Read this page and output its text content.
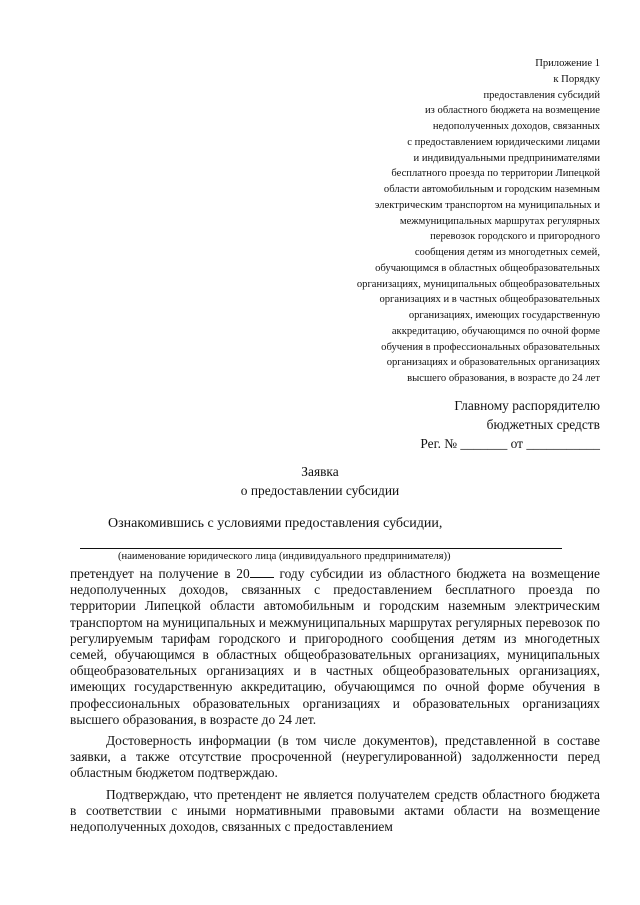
Приложение 1
к Порядку
предоставления субсидий
из областного бюджета на возмещение
недополученных доходов, связанных
с предоставлением юридическими лицами
и индивидуальными предпринимателями
бесплатного проезда по территории Липецкой
области автомобильным и городским наземным
электрическим транспортом на муниципальных и
межмуниципальных маршрутах регулярных
перевозок городского и пригородного
сообщения детям из многодетных семей,
обучающимся в областных общеобразовательных
организациях, муниципальных общеобразовательных
организациях и в частных общеобразовательных
организациях, имеющих государственную
аккредитацию, обучающимся по очной форме
обучения в профессиональных образовательных
организациях и образовательных организациях
высшего образования, в возрасте до 24 лет
Главному распорядителю
бюджетных средств
Рег. № _______ от ___________
Заявка
о предоставлении субсидии
Ознакомившись с условиями предоставления субсидии,
(наименование юридического лица (индивидуального предпринимателя))

претендует на получение в 20 году субсидии из областного бюджета на возмещение недополученных доходов, связанных с предоставлением бесплатного проезда по территории Липецкой области автомобильным и городским наземным электрическим транспортом на муниципальных и межмуниципальных маршрутах регулярных перевозок по регулируемым тарифам городского и пригородного сообщения детям из многодетных семей, обучающимся в областных общеобразовательных организациях, муниципальных общеобразовательных организациях и в частных общеобразовательных организациях, имеющих государственную аккредитацию, обучающимся по очной форме обучения в профессиональных образовательных организациях и образовательных организациях высшего образования, в возрасте до 24 лет.

Достоверность информации (в том числе документов), представленной в составе заявки, а также отсутствие просроченной (неурегулированной) задолженности перед областным бюджетом подтверждаю.

Подтверждаю, что претендент не является получателем средств областного бюджета в соответствии с иными нормативными правовыми актами области на возмещение недополученных доходов, связанных с предоставлением
